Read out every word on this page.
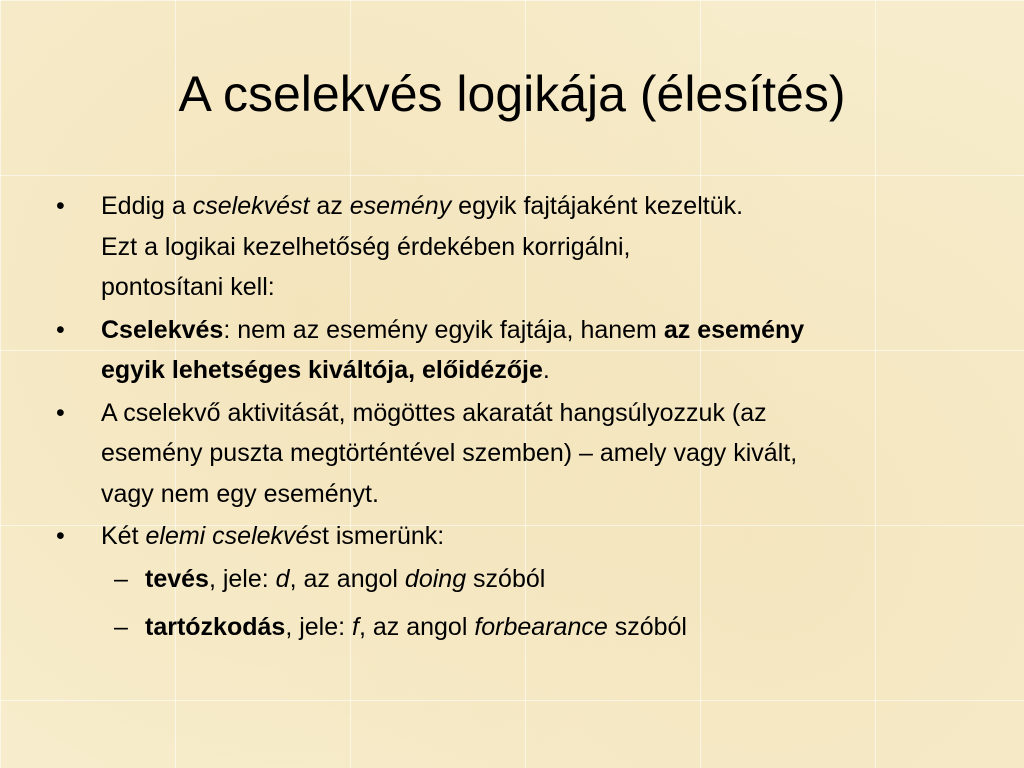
A cselekvés logikája (élesítés)
•	Eddig a cselekvést az esemény egyik fajtájaként kezeltük.
Ezt a logikai kezelhetőség érdekében korrigálni,
pontosítani kell:
•	Cselekvés: nem az esemény egyik fajtája, hanem az esemény
egyik lehetséges kiváltója, előidézője.
•	A cselekvő aktivitását, mögöttes akaratát hangsúlyozzuk (az
esemény puszta megtörténtével szemben) – amely vagy kivált,
vagy nem egy eseményt.
•	Két elemi cselekvést ismerünk:
– tevés, jele: d, az angol doing szóból
– tartózkodás, jele: f, az angol forbearance szóból
